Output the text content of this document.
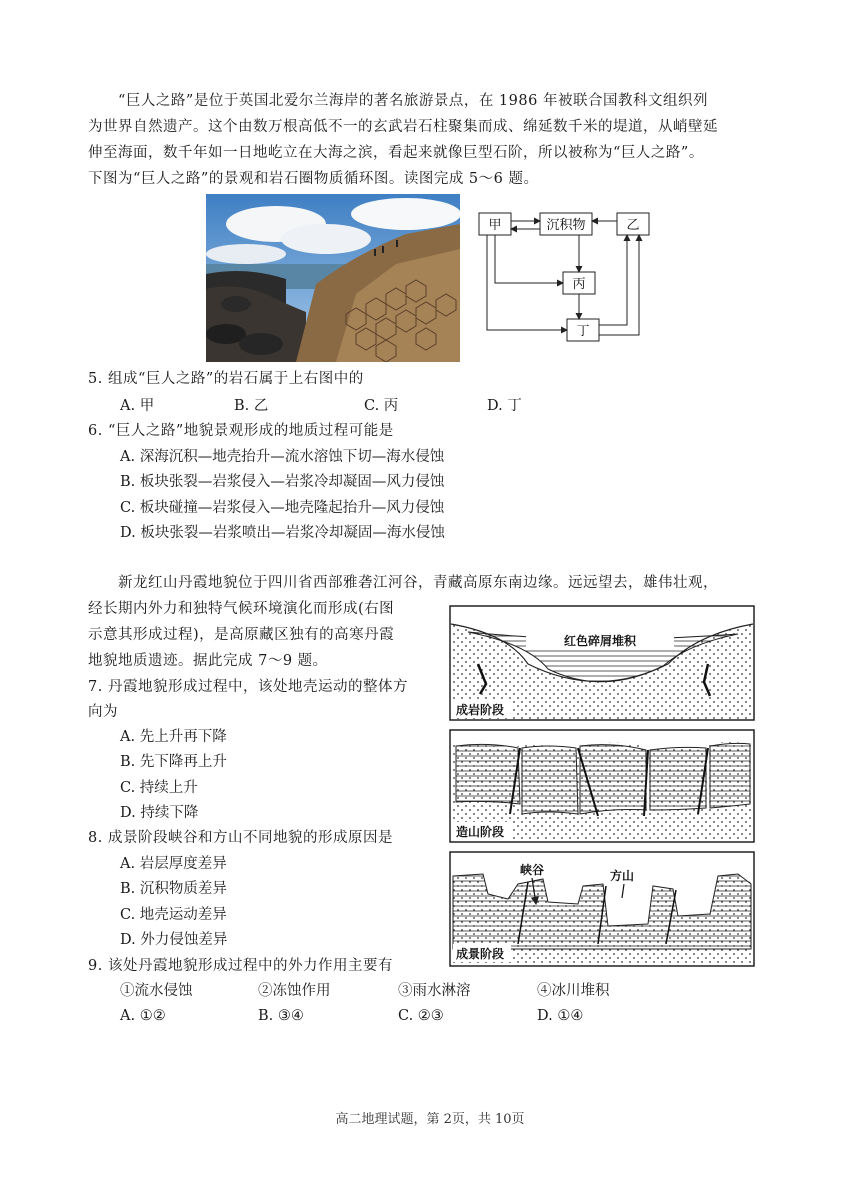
　　“巨人之路”是位于英国北爱尔兰海岸的著名旅游景点，在 1986 年被联合国教科文组织列
为世界自然遗产。这个由数万根高低不一的玄武岩石柱聚集而成、绵延数千米的堤道，从峭壁延
伸至海面，数千年如一日地屹立在大海之滨，看起来就像巨型石阶，所以被称为“巨人之路”。
下图为“巨人之路”的景观和岩石圈物质循环图。读图完成 5～6 题。
甲	沉积物	乙
丙
丁
5. 组成“巨人之路”的岩石属于上右图中的
A. 甲	B. 乙	C. 丙	D. 丁
6. “巨人之路”地貌景观形成的地质过程可能是
A. 深海沉积—地壳抬升—流水溶蚀下切—海水侵蚀
B. 板块张裂—岩浆侵入—岩浆冷却凝固—风力侵蚀
C. 板块碰撞—岩浆侵入—地壳隆起抬升—风力侵蚀
D. 板块张裂—岩浆喷出—岩浆冷却凝固—海水侵蚀
　　新龙红山丹霞地貌位于四川省西部雅砻江河谷，青藏高原东南边缘。远远望去，雄伟壮观，
经长期内外力和独特气候环境演化而形成(右图
示意其形成过程)，是高原藏区独有的高寒丹霞
地貌地质遗迹。据此完成 7～9 题。
红色碎屑堆积
成岩阶段
造山阶段
峡谷	方山
成景阶段
7. 丹霞地貌形成过程中，该处地壳运动的整体方
向为
A. 先上升再下降
B. 先下降再上升
C. 持续上升
D. 持续下降
8. 成景阶段峡谷和方山不同地貌的形成原因是
A. 岩层厚度差异
B. 沉积物质差异
C. 地壳运动差异
D. 外力侵蚀差异
9. 该处丹霞地貌形成过程中的外力作用主要有
①流水侵蚀	②冻蚀作用	③雨水淋溶	④冰川堆积
A. ①②	B. ③④	C. ②③	D. ①④
高二地理试题，第 2页，共 10页
